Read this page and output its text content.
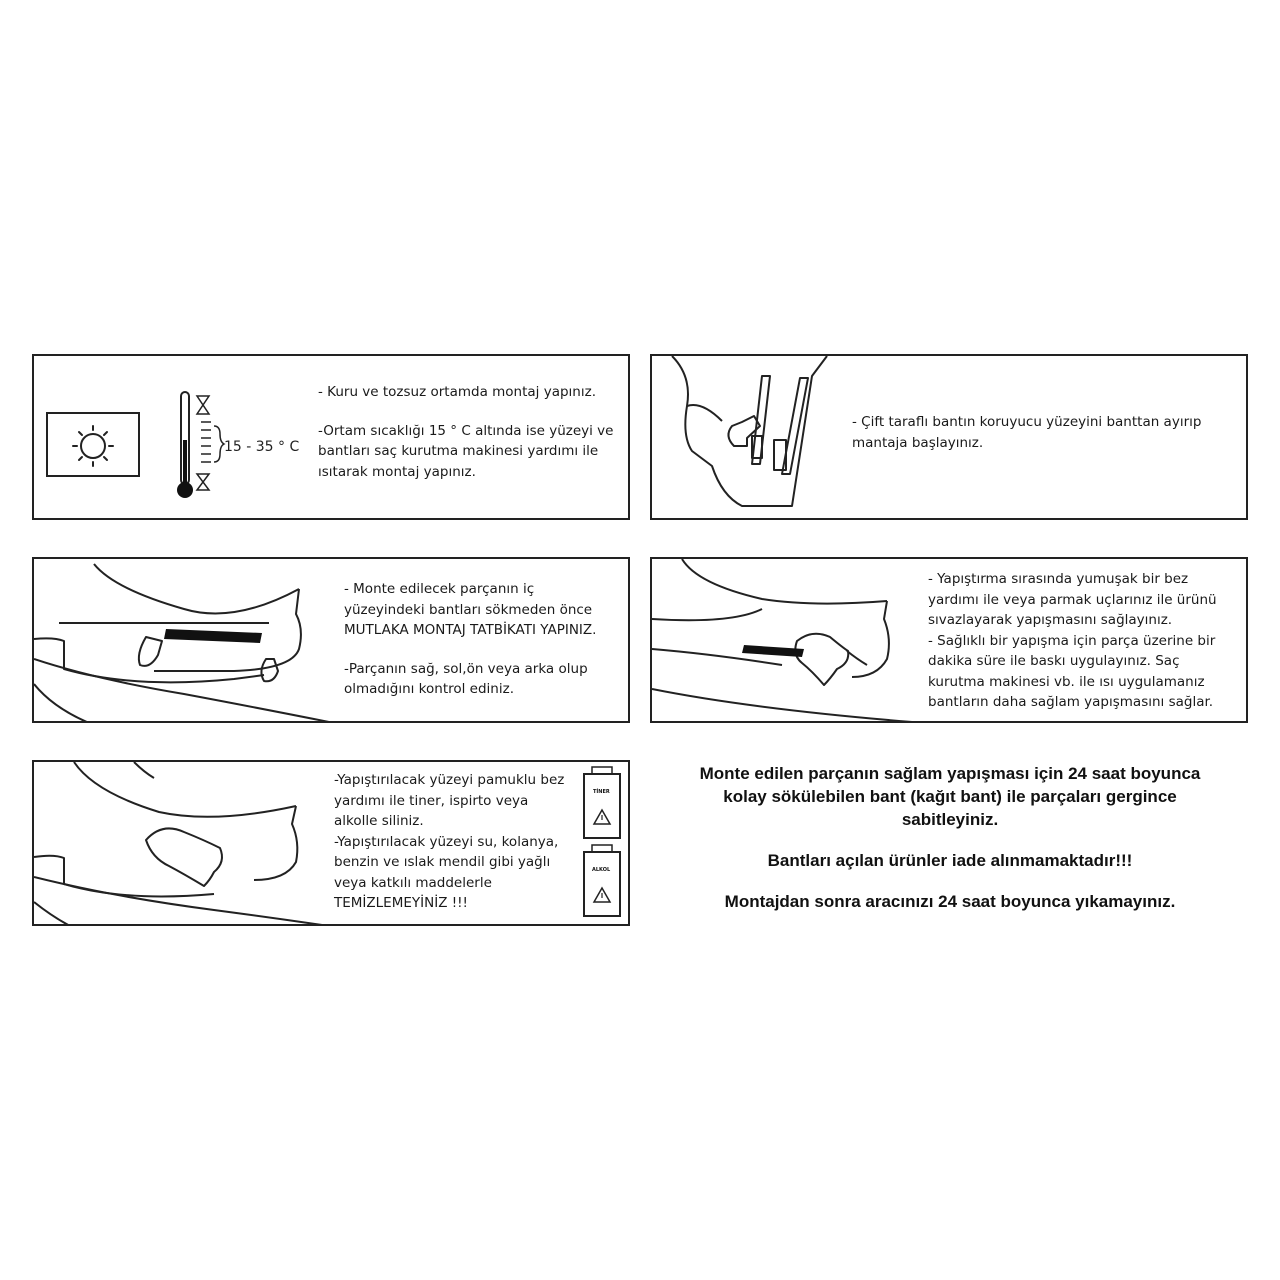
15 - 35 ° C

- Kuru ve tozsuz ortamda montaj yapınız.

-Ortam sıcaklığı 15 ° C altında ise yüzeyi ve

bantları saç kurutma makinesi yardımı ile

ısıtarak montaj yapınız.

- Çift taraflı bantın koruyucu yüzeyini banttan ayırıp

mantaja başlayınız.

- Monte edilecek parçanın iç

yüzeyindeki bantları sökmeden önce

MUTLAKA MONTAJ TATBİKATI YAPINIZ.

-Parçanın sağ, sol,ön veya arka olup

olmadığını kontrol ediniz.

- Yapıştırma sırasında yumuşak bir bez

yardımı ile veya parmak uçlarınız ile ürünü

sıvazlayarak yapışmasını sağlayınız.

- Sağlıklı bir yapışma için parça üzerine bir

dakika süre ile baskı uygulayınız. Saç

kurutma makinesi vb. ile ısı uygulamanız

bantların daha sağlam yapışmasını sağlar.

TİNER
ALKOL

-Yapıştırılacak yüzeyi pamuklu bez

yardımı ile tiner, ispirto veya

alkolle siliniz.

-Yapıştırılacak yüzeyi su, kolanya,

benzin ve ıslak mendil gibi yağlı

veya katkılı maddelerle

TEMİZLEMEYİNİZ !!!

Monte edilen parçanın sağlam yapışması için 24 saat boyunca
kolay sökülebilen bant (kağıt bant) ile parçaları gergince
sabitleyiniz.

Bantları açılan ürünler iade alınmamaktadır!!!

Montajdan sonra aracınızı 24 saat boyunca yıkamayınız.
